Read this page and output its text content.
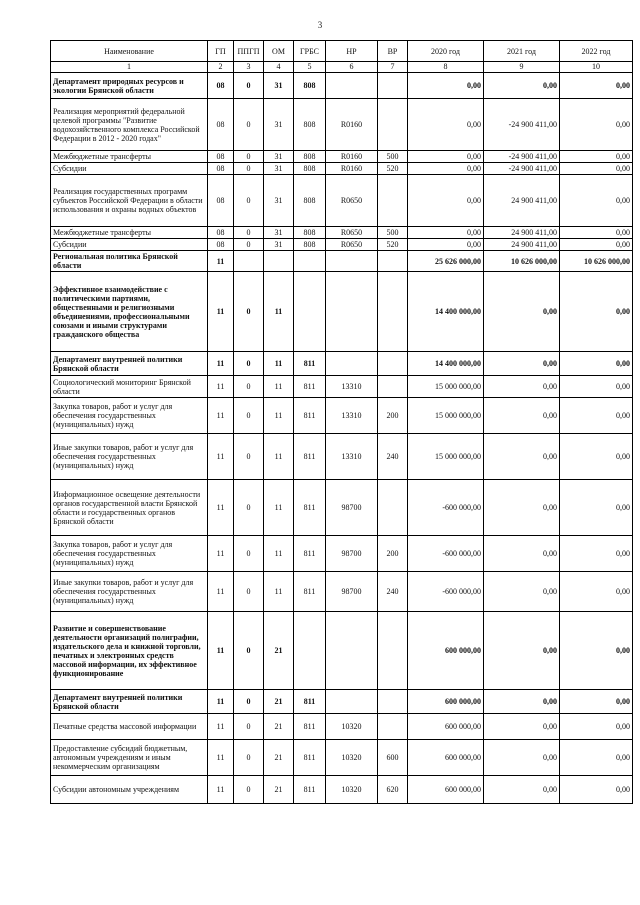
3
Наименование	ГП	ППГП	ОМ	ГРБС	НР	ВР	2020 год	2021 год	2022 год
1	2	3	4	5	6	7	8	9	10
Департамент природных ресурсов и экологии Брянской области	08	0	31	808			0,00	0,00	0,00
Реализация мероприятий федеральной целевой программы "Развитие водохозяйственного комплекса Российской Федерации в 2012 - 2020 годах"	08	0	31	808	R0160		0,00	-24 900 411,00	0,00
Межбюджетные трансферты	08	0	31	808	R0160	500	0,00	-24 900 411,00	0,00
Субсидии	08	0	31	808	R0160	520	0,00	-24 900 411,00	0,00
Реализация государственных программ субъектов Российской Федерации в области использования и охраны водных объектов	08	0	31	808	R0650		0,00	24 900 411,00	0,00
Межбюджетные трансферты	08	0	31	808	R0650	500	0,00	24 900 411,00	0,00
Субсидии	08	0	31	808	R0650	520	0,00	24 900 411,00	0,00
Региональная политика Брянской области	11						25 626 000,00	10 626 000,00	10 626 000,00
Эффективное взаимодействие с политическими партиями, общественными и религиозными объединениями, профессиональными союзами и иными структурами гражданского общества	11	0	11				14 400 000,00	0,00	0,00
Департамент внутренней политики Брянской области	11	0	11	811			14 400 000,00	0,00	0,00
Социологический мониторинг Брянской области	11	0	11	811	13310		15 000 000,00	0,00	0,00
Закупка товаров, работ и услуг для обеспечения государственных (муниципальных) нужд	11	0	11	811	13310	200	15 000 000,00	0,00	0,00
Иные закупки товаров, работ и услуг для обеспечения государственных (муниципальных) нужд	11	0	11	811	13310	240	15 000 000,00	0,00	0,00
Информационное освещение деятельности органов государственной власти Брянской области и государственных органов Брянской области	11	0	11	811	98700		-600 000,00	0,00	0,00
Закупка товаров, работ и услуг для обеспечения государственных (муниципальных) нужд	11	0	11	811	98700	200	-600 000,00	0,00	0,00
Иные закупки товаров, работ и услуг для обеспечения государственных (муниципальных) нужд	11	0	11	811	98700	240	-600 000,00	0,00	0,00
Развитие и совершенствование деятельности организаций полиграфии, издательского дела и книжной торговли, печатных и электронных средств массовой информации, их эффективное функционирование	11	0	21				600 000,00	0,00	0,00
Департамент внутренней политики Брянской области	11	0	21	811			600 000,00	0,00	0,00
Печатные средства массовой информации	11	0	21	811	10320		600 000,00	0,00	0,00
Предоставление субсидий бюджетным, автономным учреждениям и иным некоммерческим организациям	11	0	21	811	10320	600	600 000,00	0,00	0,00
Субсидии автономным учреждениям	11	0	21	811	10320	620	600 000,00	0,00	0,00
